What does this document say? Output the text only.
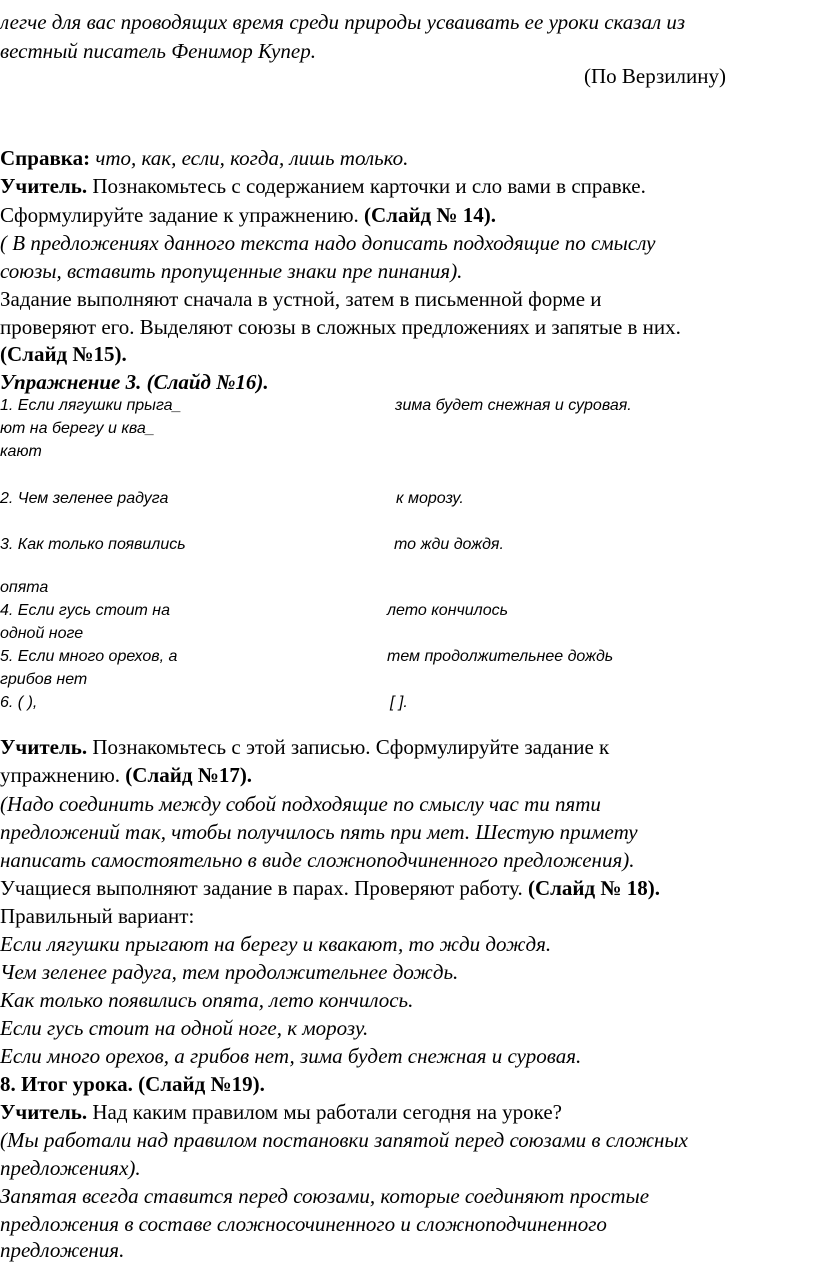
легче для вас проводящих время среди природы усваивать ее уроки сказал из
вестный писатель Фенимор Купер.
(По Верзилину)
Справка: что, как, если, когда, лишь только.
Учитель. Познакомьтесь с содержанием карточки и сло вами в справке.
Сформулируйте задание к упражнению. (Слайд № 14).
( В предложениях данного текста надо дописать подходящие по смыслу
союзы, вставить пропущенные знаки пре пинания).
Задание выполняют сначала в устной, затем в письменной форме и
проверяют его. Выделяют союзы в сложных предложениях и запятые в них.
(Слайд №15).
Упражнение 3. (Слайд №16).
1. Если лягушки прыга_	зима будет снежная и суровая.
ют на берегу и ква_
кают
2. Чем зеленее радуга	к морозу.
3. Как только появились	то жди дождя.
опята
4. Если гусь стоит на	лето кончилось
одной ноге
5. Если много орехов, а	тем продолжительнее дождь
грибов нет
6. ( ),	[ ].
Учитель. Познакомьтесь с этой записью. Сформулируйте задание к
упражнению. (Слайд №17).
(Надо соединить между собой подходящие по смыслу час ти пяти
предложений так, чтобы получилось пять при мет. Шестую примету
написать самостоятельно в виде сложноподчиненного предложения).
Учащиеся выполняют задание в парах. Проверяют работу. (Слайд № 18).
Правильный вариант:
Если лягушки прыгают на берегу и квакают, то жди дождя.
Чем зеленее радуга, тем продолжительнее дождь.
Как только появились опята, лето кончилось.
Если гусь стоит на одной ноге, к морозу.
Если много орехов, а грибов нет, зима будет снежная и суровая.
8. Итог урока. (Слайд №19).
Учитель. Над каким правилом мы работали сегодня на уроке?
(Мы работали над правилом постановки запятой перед союзами в сложных
предложениях).
Запятая всегда ставится перед союзами, которые соединяют простые
предложения в составе сложносочиненного и сложноподчиненного
предложения.
